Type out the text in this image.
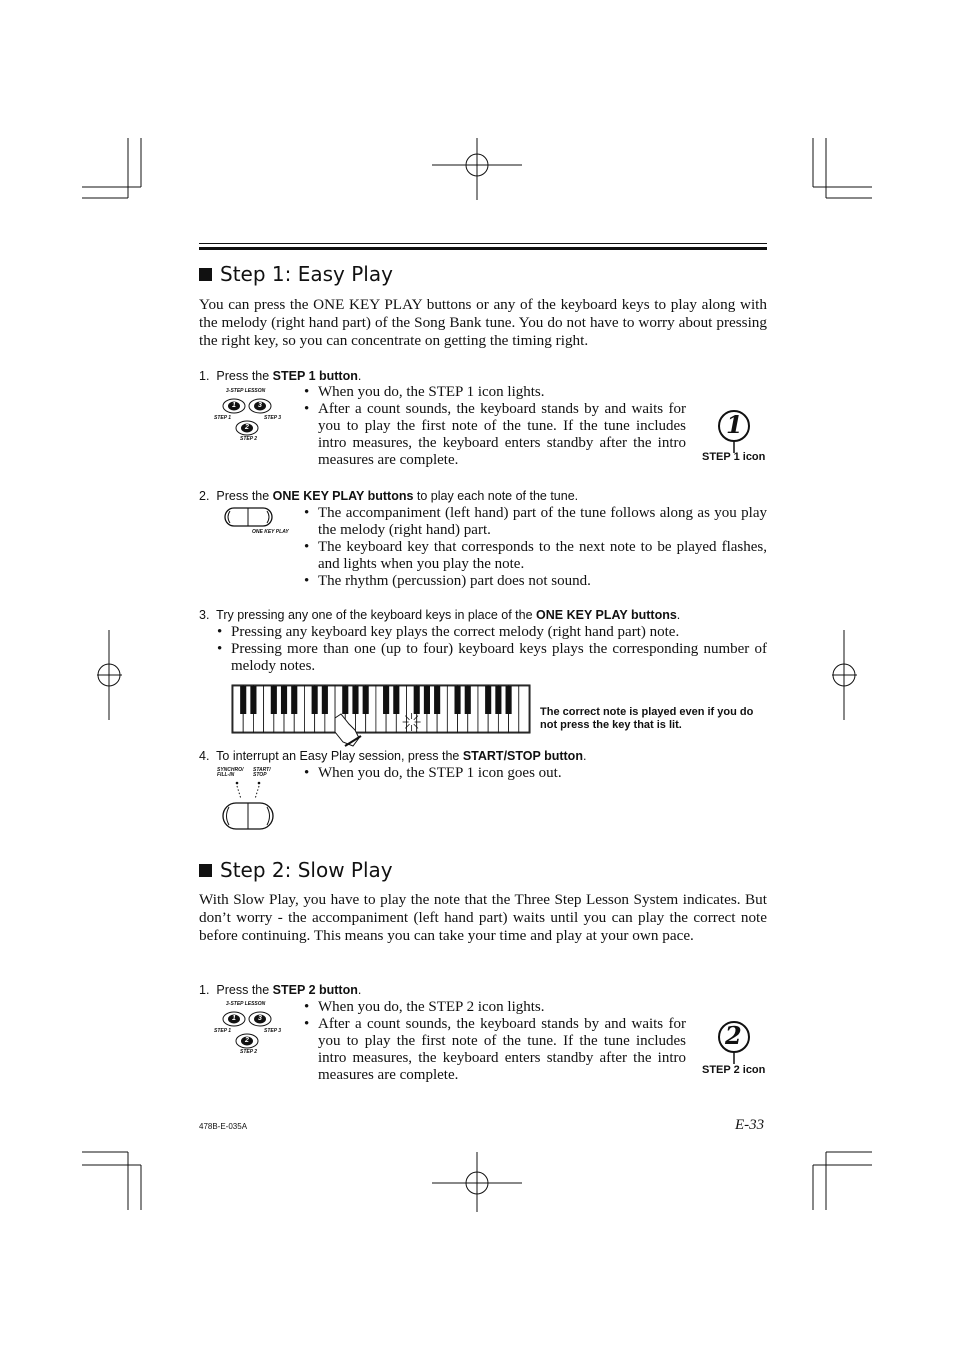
Step 1: Easy Play

You can press the ONE KEY PLAY buttons or any of the keyboard keys to play along with the melody (right hand part) of the Song Bank tune. You do not have to worry about pressing the right key, so you can concentrate on getting the timing right.

1. Press the STEP 1 button.
3-STEP LESSON
1	3
2
STEP 1	STEP 3
STEP 2
• When you do, the STEP 1 icon lights.
• After a count sounds, the keyboard stands by and waits for you to play the first note of the tune. If the tune includes intro measures, the keyboard enters standby after the intro measures are complete.
1
STEP 1 icon
2. Press the ONE KEY PLAY buttons to play each note of the tune.
ONE KEY PLAY
• The accompaniment (left hand) part of the tune follows along as you play the melody (right hand) part.
• The keyboard key that corresponds to the next note to be played flashes, and lights when you play the note.
• The rhythm (percussion) part does not sound.
3. Try pressing any one of the keyboard keys in place of the ONE KEY PLAY buttons.
• Pressing any keyboard key plays the correct melody (right hand part) note.
• Pressing more than one (up to four) keyboard keys plays the corresponding number of melody notes.
The correct note is played even if you do not press the key that is lit.
4. To interrupt an Easy Play session, press the START/STOP button.
SYNCHRO/ FILL-IN
START/ STOP
•	When you do, the STEP 1 icon goes out.
Step 2: Slow Play

With Slow Play, you have to play the note that the Three Step Lesson System indicates. But don’t worry - the accompaniment (left hand part) waits until you can play the correct note before continuing. This means you can take your time and play at your own pace.

1. Press the STEP 2 button.
3-STEP LESSON
1	3
2
STEP 1	STEP 3
STEP 2
• When you do, the STEP 2 icon lights.
• After a count sounds, the keyboard stands by and waits for you to play the first note of the tune. If the tune includes intro measures, the keyboard enters standby after the intro measures are complete.
2
STEP 2 icon
478B-E-035A	E-33
